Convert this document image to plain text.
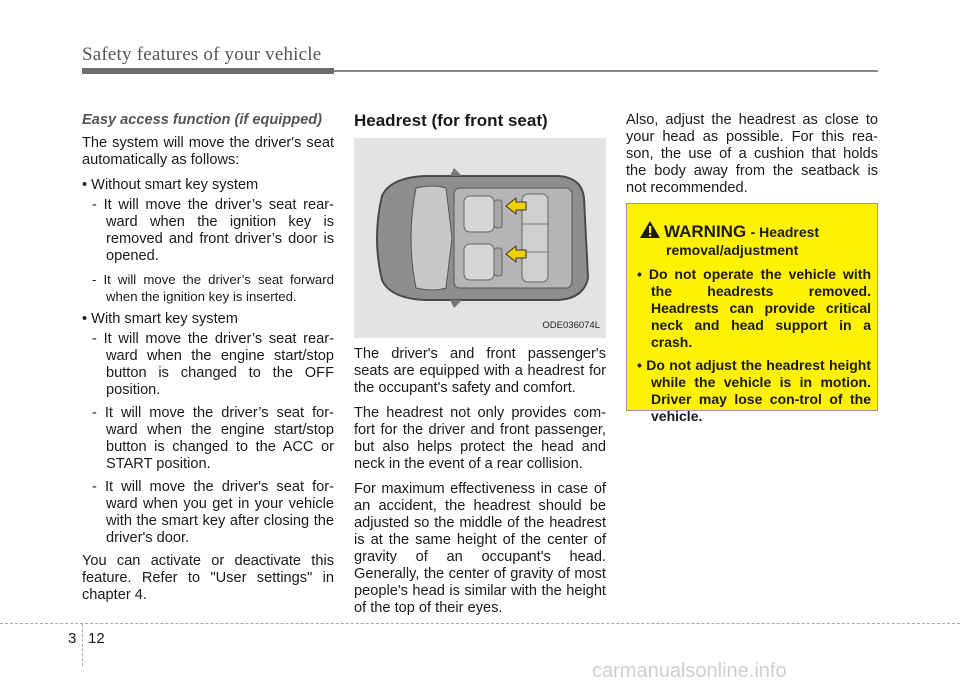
Safety features of your vehicle

Easy access function (if equipped)

The system will move the driver's seat automatically as follows:

• Without smart key system

- It will move the driver’s seat rear-ward when the ignition key is removed and front driver’s door is opened.

- It will move the driver’s seat forward when the ignition key is inserted.

• With smart key system

- It will move the driver’s seat rear-ward when the engine start/stop button is changed to the OFF position.

- It will move the driver’s seat for-ward when the engine start/stop button is changed to the ACC or START position.

- It will move the driver's seat for-ward when you get in your vehicle with the smart key after closing the driver's door.

You can activate or deactivate this feature. Refer to "User settings" in chapter 4.

Headrest (for front seat)

ODE036074L

The driver's and front passenger's seats are equipped with a headrest for the occupant's safety and comfort.

The headrest not only provides com-fort for the driver and front passenger, but also helps protect the head and neck in the event of a rear collision.

For maximum effectiveness in case of an accident, the headrest should be adjusted so the middle of the headrest is at the same height of the center of gravity of an occupant's head. Generally, the center of gravity of most people's head is similar with the height of the top of their eyes.

Also, adjust the headrest as close to your head as possible. For this rea-son, the use of a cushion that holds the body away from the seatback is not recommended.

WARNING - Headrest
removal/adjustment

• Do not operate the vehicle with the headrests removed. Headrests can provide critical neck and head support in a crash.

• Do not adjust the headrest height while the vehicle is in motion. Driver may lose con-trol of the vehicle.

3 12
carmanualsonline.info
